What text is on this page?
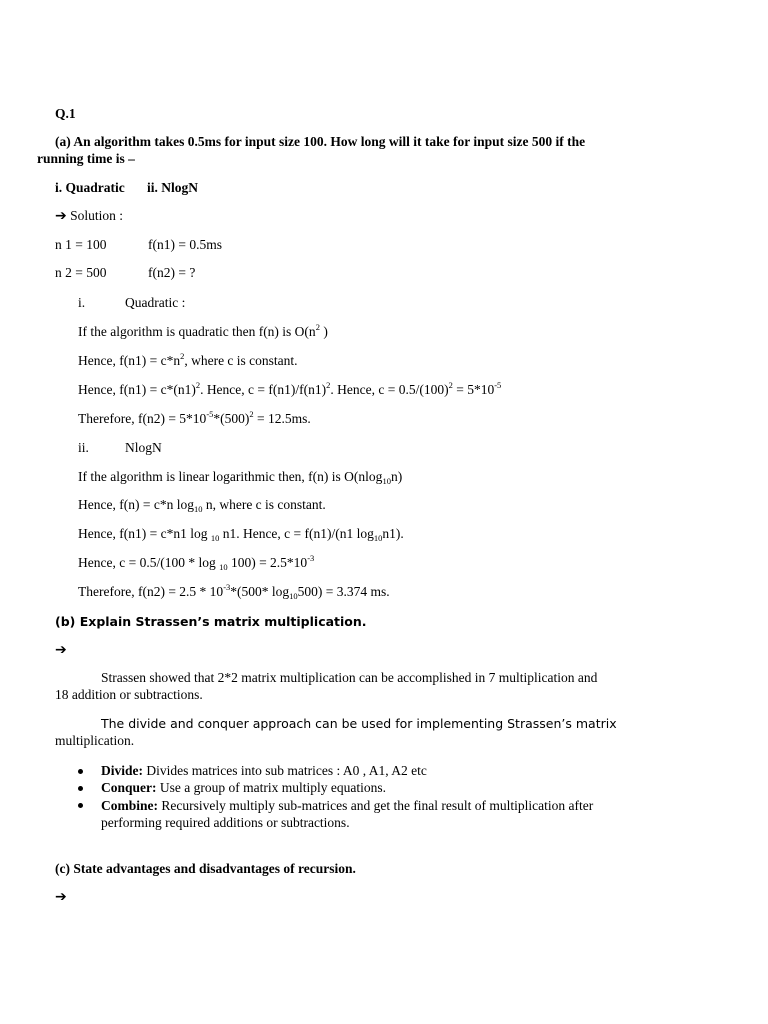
Q.1
(a) An algorithm takes 0.5ms for input size 100. How long will it take for input size 500 if the
running time is –
i. Quadratic ii. NlogN
➔ Solution :
n 1 = 100	f(n1) = 0.5ms
n 2 = 500	f(n2) = ?
i.	Quadratic :
If the algorithm is quadratic then f(n) is $O(n^2$ )
Hence, $f(n1) = c*n^2$, where c is constant.
Hence, $f(n1) = c*(n1)^2$. Hence, $c = f(n1)/f(n1)^2$. Hence, $c = 0.5/(100)^2 = 5*10^{-5}$
Therefore, $f(n2) = 5*10^{-5}*(500)^2 = 12.5ms$.
ii.	NlogN
If the algorithm is linear logarithmic then, f(n) is O(nlog$_{10}$n)
Hence, f(n) = c*n $\log_{10} n$, where c is constant.
Hence, f(n1) = c*n1 log $_{10}$ n1. Hence, c = f(n1)/(n1 $\log_{10}n1$).
Hence, c = 0.5/(100 * log $_{10}$ $100) = 2.5*10^{-3}$
Therefore, $f(n2) = 2.5 * 10^{-3}*(500*$ $\log_{10}500) = 3.374$ ms.
(b) Explain Strassen’s matrix multiplication.
➔
Strassen showed that 2*2 matrix multiplication can be accomplished in 7 multiplication and
18 addition or subtractions.
The divide and conquer approach can be used for implementing Strassen’s matrix
multiplication.
Divide: Divides matrices into sub matrices : A0 , A1, A2 etc
Conquer: Use a group of matrix multiply equations.
Combine: Recursively multiply sub-matrices and get the final result of multiplication after
performing required additions or subtractions.
(c) State advantages and disadvantages of recursion.
➔
